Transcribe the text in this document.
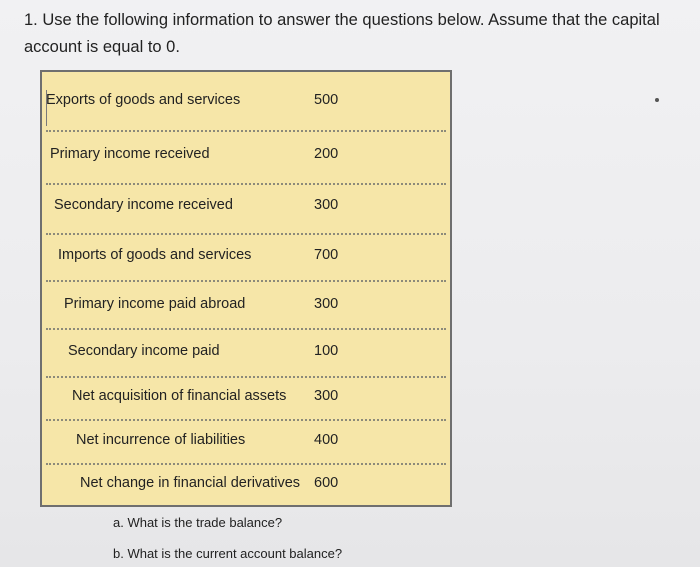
1. Use the following information to answer the questions below. Assume that the capital account is equal to 0.
Exports of goods and services	500
Primary income received	200
Secondary income received	300
Imports of goods and services	700
Primary income paid abroad	300
Secondary income paid	100
Net acquisition of financial assets 300
Net incurrence of liabilities	400
Net change in financial derivatives 600
a. What is the trade balance?
b. What is the current account balance?
